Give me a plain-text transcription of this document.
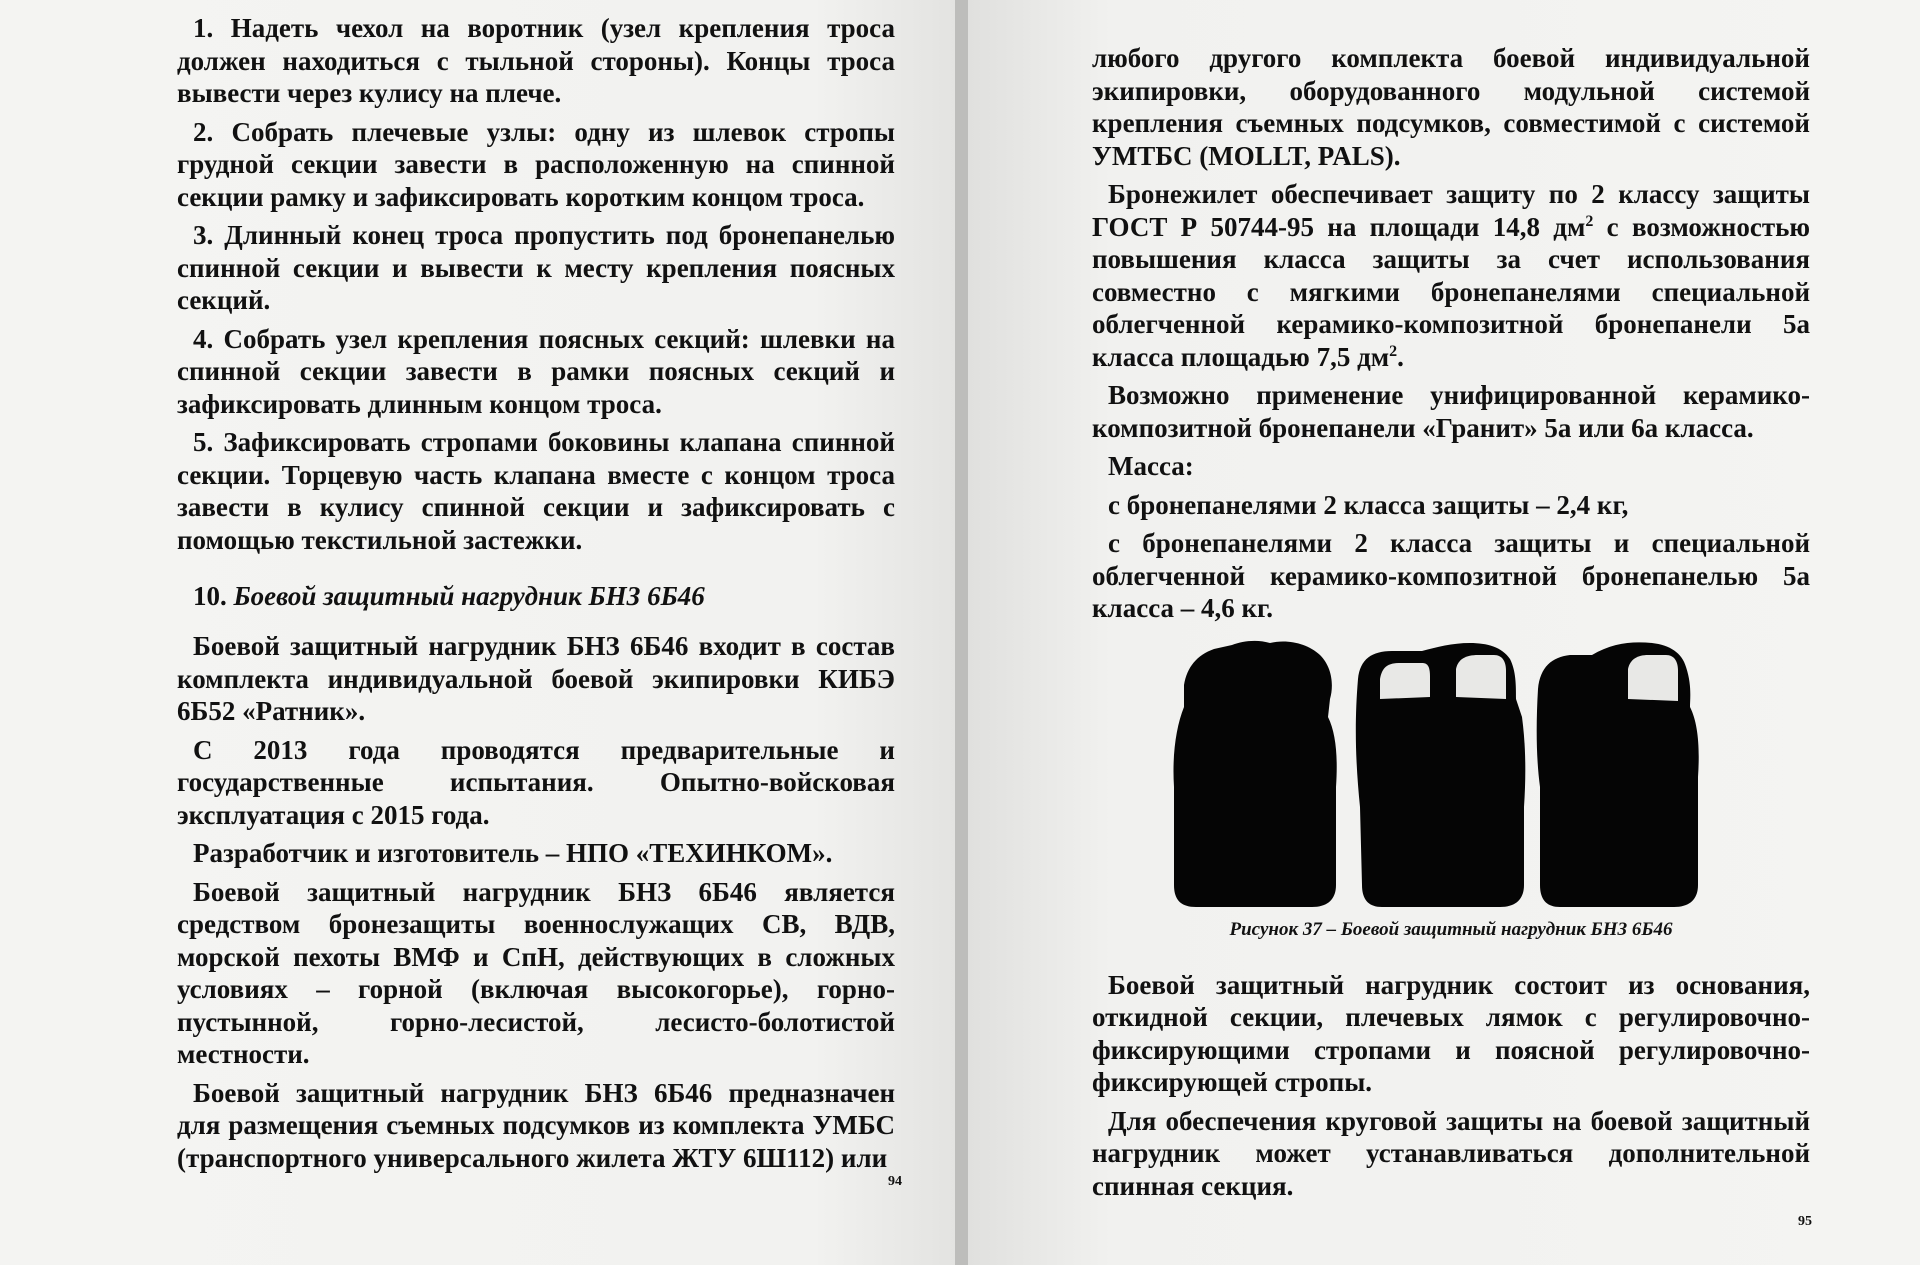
1. Надеть чехол на воротник (узел крепления троса должен находиться с тыльной стороны). Концы троса вывести через кулису на плече.

2. Собрать плечевые узлы: одну из шлевок стропы грудной секции завести в расположенную на спинной секции рамку и зафиксировать коротким концом троса.

3. Длинный конец троса пропустить под бронепанелью спинной секции и вывести к месту крепления поясных секций.

4. Собрать узел крепления поясных секций: шлевки на спинной секции завести в рамки поясных секций и зафиксировать длинным концом троса.

5. Зафиксировать стропами боковины клапана спинной секции. Торцевую часть клапана вместе с концом троса завести в кулису спинной секции и зафиксировать с помощью текстильной застежки.

10. Боевой защитный нагрудник БНЗ 6Б46

Боевой защитный нагрудник БНЗ 6Б46 входит в состав комплекта индивидуальной боевой экипировки КИБЭ 6Б52 «Ратник».

С 2013 года проводятся предварительные и государственные испытания. Опытно-войсковая эксплуатация с 2015 года.

Разработчик и изготовитель – НПО «ТЕХИНКОМ».

Боевой защитный нагрудник БНЗ 6Б46 является средством бронезащиты военнослужащих СВ, ВДВ, морской пехоты ВМФ и СпН, действующих в сложных условиях – горной (включая высокогорье), горно-пустынной, горно-лесистой, лесисто-болотистой местности.

Боевой защитный нагрудник БНЗ 6Б46 предназначен для размещения съемных подсумков из комплекта УМБС (транспортного универсального жилета ЖТУ 6Ш112) или

94

любого другого комплекта боевой индивидуальной экипировки, оборудованного модульной системой крепления съемных подсумков, совместимой с системой УМТБС (MOLLT, PALS).

Бронежилет обеспечивает защиту по 2 классу защиты ГОСТ Р 50744-95 на площади 14,8 $дм^2$ с возможностью повышения класса защиты за счет использования совместно с мягкими бронепанелями специальной облегченной керамико-композитной бронепанели 5а класса площадью 7,5 $дм^2$.

Возможно применение унифицированной керамико-композитной бронепанели «Гранит» 5а или 6а класса.

Масса:

с бронепанелями 2 класса защиты – 2,4 кг,

с бронепанелями 2 класса защиты и специальной облегченной керамико-композитной бронепанелью 5а класса – 4,6 кг.

Рисунок 37 – Боевой защитный нагрудник БНЗ 6Б46

Боевой защитный нагрудник состоит из основания, откидной секции, плечевых лямок с регулировочно-фиксирующими стропами и поясной регулировочно-фиксирующей стропы.

Для обеспечения круговой защиты на боевой защитный нагрудник может устанавливаться дополнительной спинная секция.

95
